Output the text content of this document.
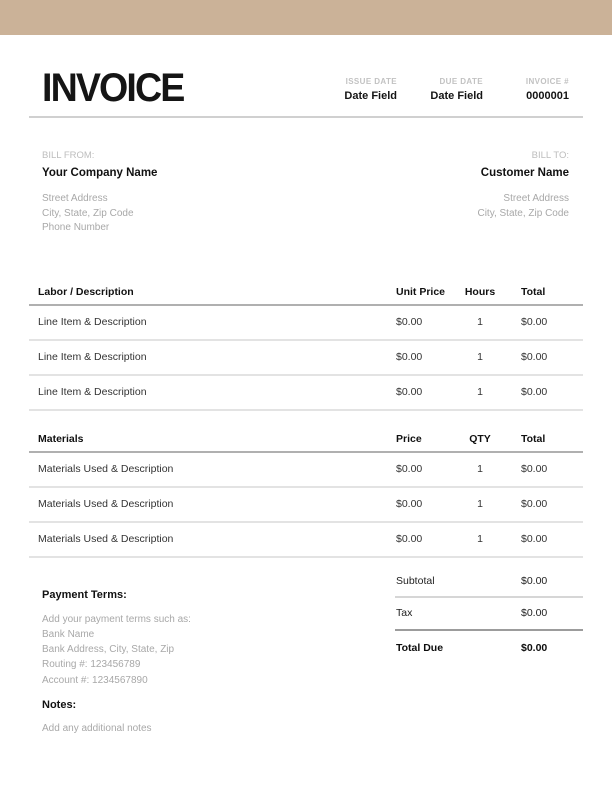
INVOICE	ISSUE DATE
Date Field
DUE DATE
Date Field
INVOICE #
0000001
BILL FROM:
Your Company Name
Street Address
City, State, Zip Code
Phone Number
BILL TO:
Customer Name
Street Address
City, State, Zip Code
Labor / Description	Unit Price	Hours	Total
Line Item & Description	$0.00	1	$0.00
Line Item & Description	$0.00	1	$0.00
Line Item & Description	$0.00	1	$0.00
Materials	Price	QTY	Total
Materials Used & Description	$0.00	1	$0.00
Materials Used & Description	$0.00	1	$0.00
Materials Used & Description	$0.00	1	$0.00
Payment Terms:
Add your payment terms such as:
Bank Name
Bank Address, City, State, Zip
Routing #: 123456789
Account #: 1234567890
Notes:
Add any additional notes
Subtotal	$0.00
Tax	$0.00
Total Due	$0.00
